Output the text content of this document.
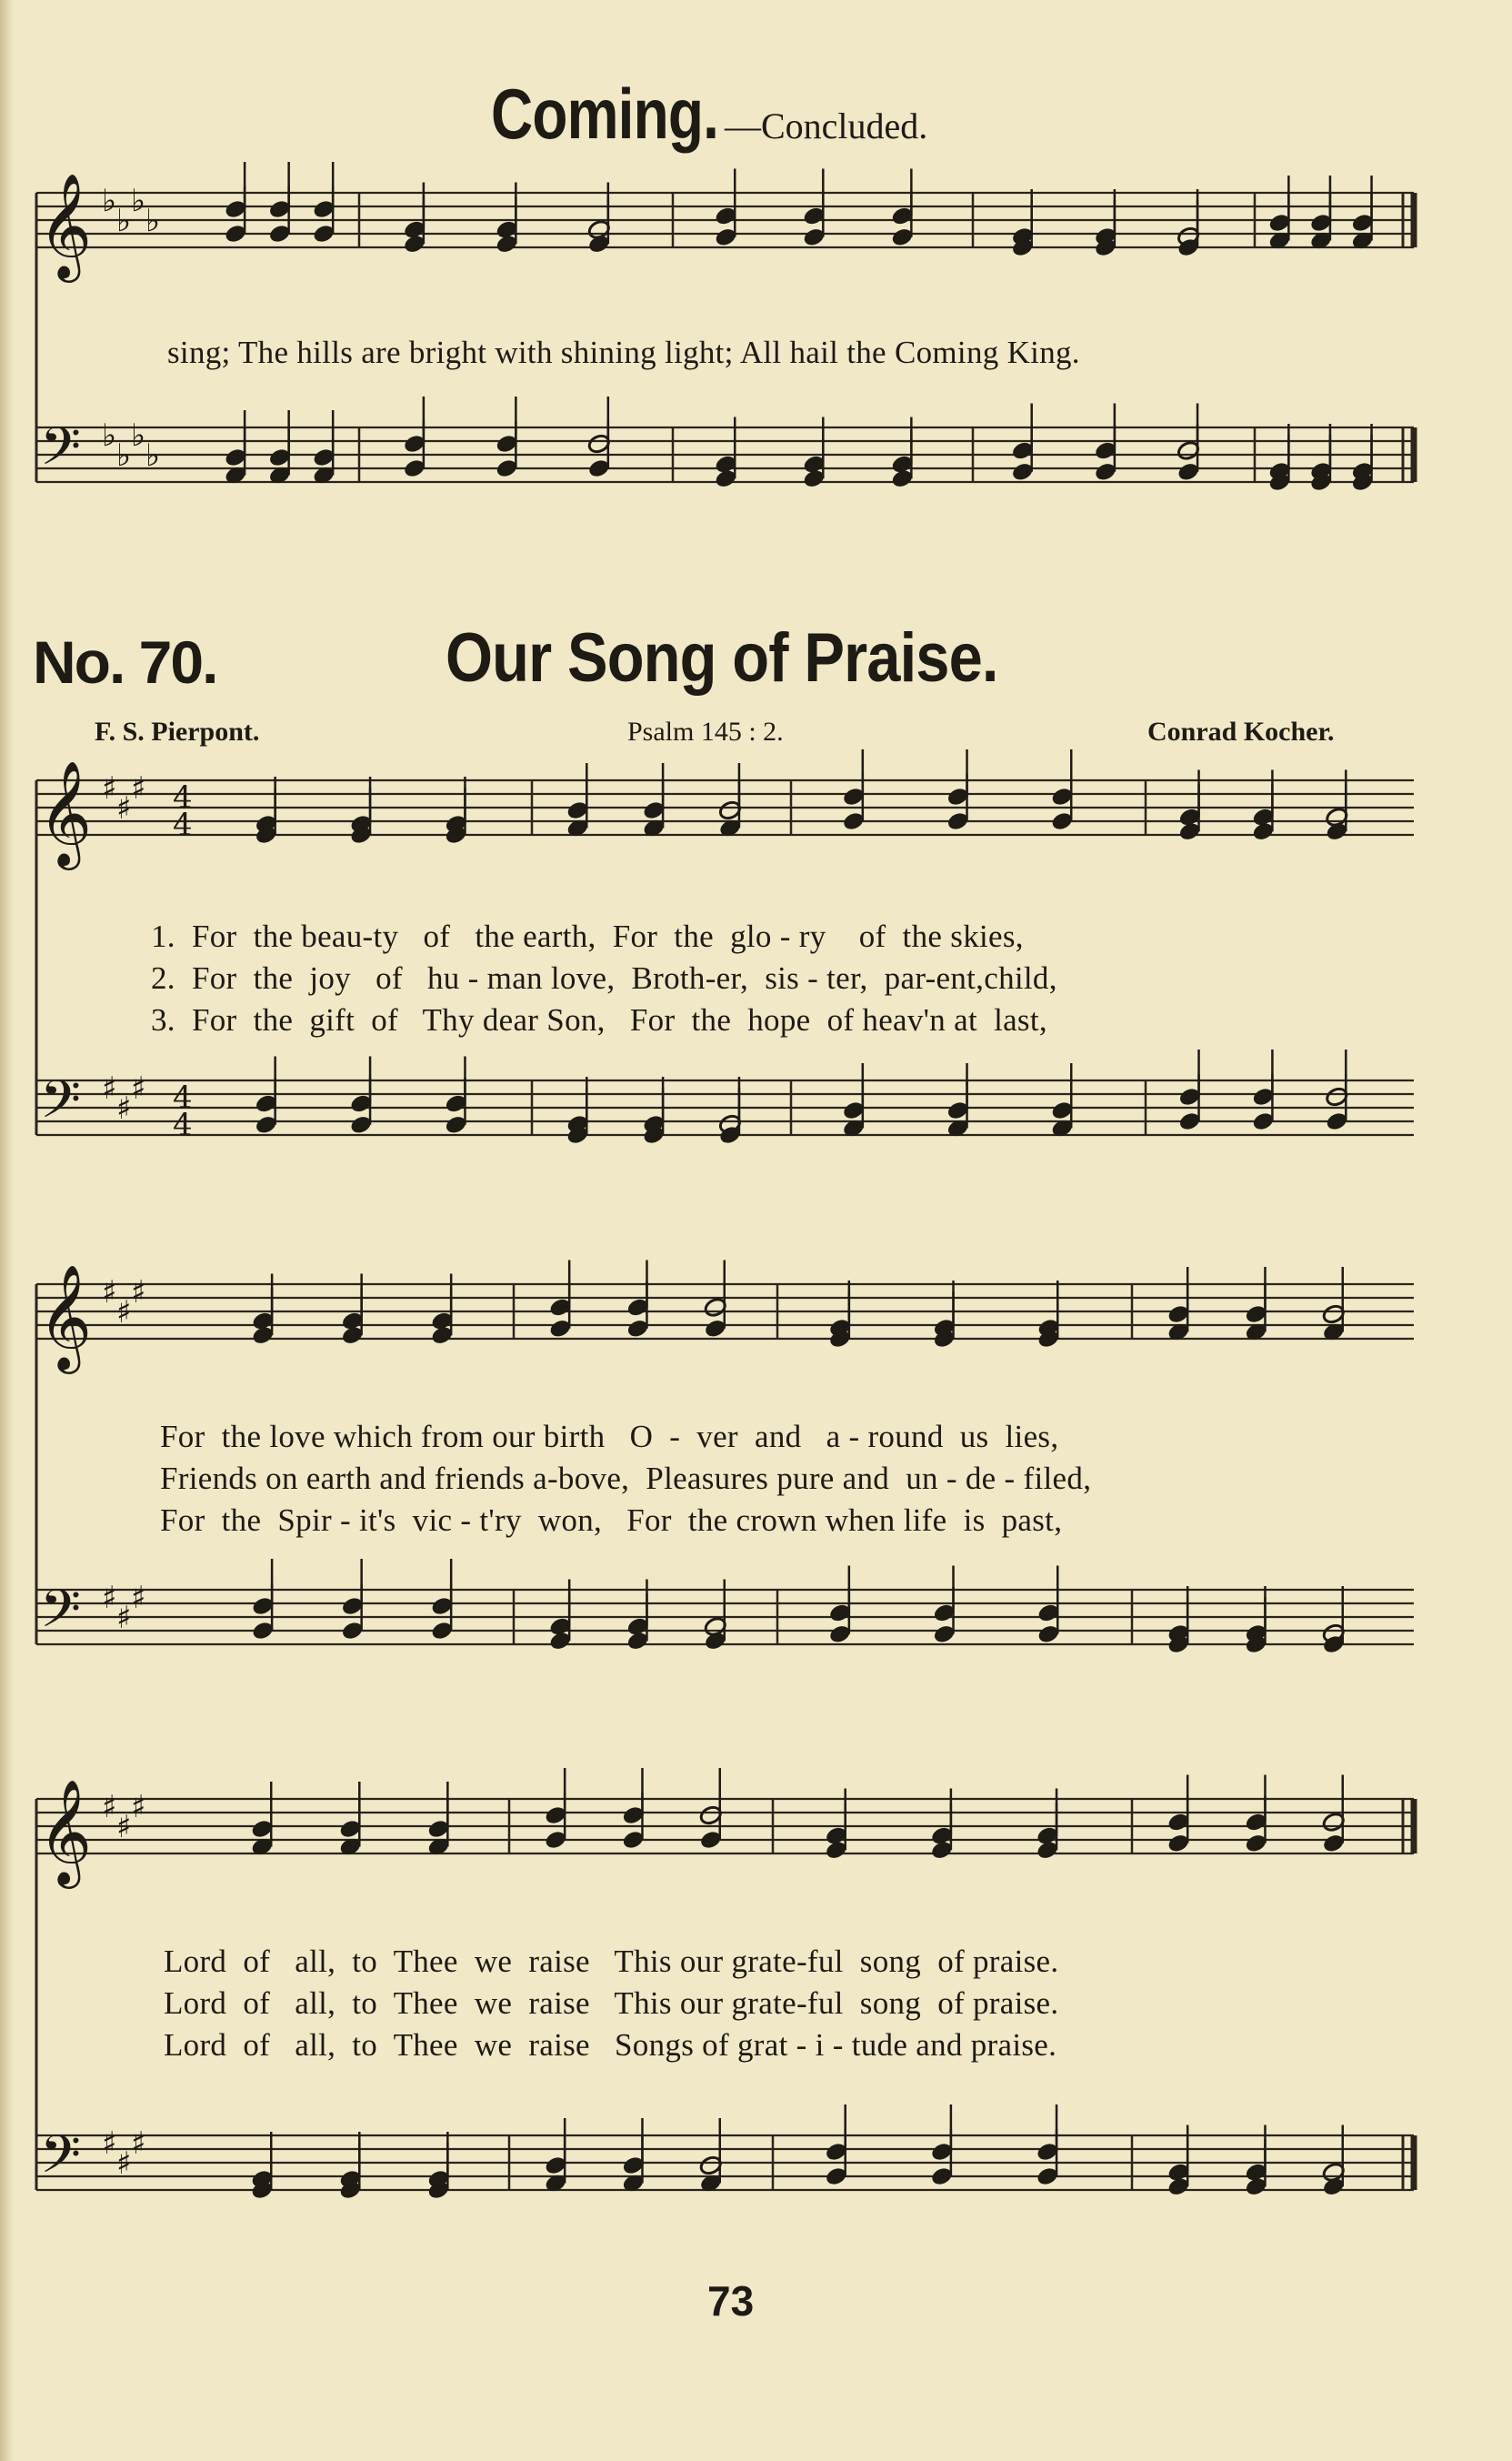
Coming. —Concluded.
𝄞 ♭
♭
♭
♭
𝄢 ♭
♭
♭
♭
𝄞 ♯
♯
♯ 4
4
𝄢 ♯
♯
♯ 4
4
𝄞 ♯
♯
♯
𝄢 ♯
♯
♯
𝄞 ♯
♯
♯
𝄢 ♯
♯
♯
sing; The hills are bright with shining light; All hail the Coming King.
No. 70.	Our Song of Praise.
F. S. Pierpont.	Psalm 145 : 2.	Conrad Kocher.
1.  For  the beau-ty   of   the earth,  For  the  glo - ry    of  the skies,
2.  For  the  joy   of   hu - man love,  Broth-er,  sis - ter,  par-ent,child,
3.  For  the  gift  of   Thy dear Son,   For  the  hope  of heav'n at  last,
For  the love which from our birth   O  -  ver  and   a - round  us  lies,
Friends on earth and friends a-bove,  Pleasures pure and  un - de - filed,
For  the  Spir - it's  vic - t'ry  won,   For  the crown when life  is  past,
Lord  of   all,  to  Thee  we  raise   This our grate-ful  song  of praise.
Lord  of   all,  to  Thee  we  raise   This our grate-ful  song  of praise.
Lord  of   all,  to  Thee  we  raise   Songs of grat - i - tude and praise.
73
